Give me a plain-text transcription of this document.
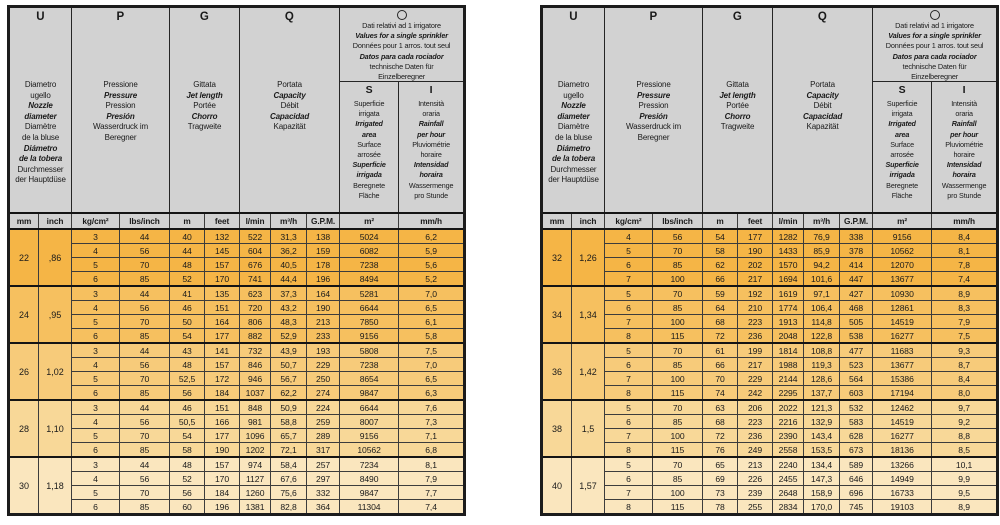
U
Diametro
ugello
Nozzle
diameter
Diamètre
de la bluse
Diámetro
de la tobera
Durchmesser
der Hauptdüse

P
Pressione
Pressure
Pression
Presión
Wasserdruck im
Beregner

G
Gittata
Jet length
Portée
Chorro
Tragweite

Q
Portata
Capacity
Débit
Capacidad
Kapazität

Dati relativi ad 1 irrigatore
Values for a single sprinkler
Données pour 1 arros. tout seul
Datos para cada rociador
technische Daten für
Einzelberegner
S
Superficie
irrigata
Irrigated
area
Surface
arrosée
Superficie
irrigada
Beregnete
Fläche
I
Intensità
oraria
Rainfall
per hour
Pluviométrie
horaire
Intensidad
horaira
Wassermenge
pro Stunde

mm	inch	kg/cm²	lbs/inch	m	feet	l/min	m³/h	G.P.M.	m²	mm/h
22	,86	3	44	40	132	522	31,3	138	5024	6,2
		4	56	44	145	604	36,2	159	6082	5,9
		5	70	48	157	676	40,5	178	7238	5,6
		6	85	52	170	741	44,4	196	8494	5,2
24	,95	3	44	41	135	623	37,3	164	5281	7,0
		4	56	46	151	720	43,2	190	6644	6,5
		5	70	50	164	806	48,3	213	7850	6,1
		6	85	54	177	882	52,9	233	9156	5,8
26	1,02	3	44	43	141	732	43,9	193	5808	7,5
		4	56	48	157	846	50,7	229	7238	7,0
		5	70	52,5	172	946	56,7	250	8654	6,5
		6	85	56	184	1037	62,2	274	9847	6,3
28	1,10	3	44	46	151	848	50,9	224	6644	7,6
		4	56	50,5	166	981	58,8	259	8007	7,3
		5	70	54	177	1096	65,7	289	9156	7,1
		6	85	58	190	1202	72,1	317	10562	6,8
30	1,18	3	44	48	157	974	58,4	257	7234	8,1
		4	56	52	170	1127	67,6	297	8490	7,9
		5	70	56	184	1260	75,6	332	9847	7,7
		6	85	60	196	1381	82,8	364	11304	7,4
U
Diametro
ugello
Nozzle
diameter
Diamètre
de la bluse
Diámetro
de la tobera
Durchmesser
der Hauptdüse

P
Pressione
Pressure
Pression
Presión
Wasserdruck im
Beregner

G
Gittata
Jet length
Portée
Chorro
Tragweite

Q
Portata
Capacity
Débit
Capacidad
Kapazität

Dati relativi ad 1 irrigatore
Values for a single sprinkler
Données pour 1 arros. tout seul
Datos para cada rociador
technische Daten für
Einzelberegner
S
Superficie
irrigata
Irrigated
area
Surface
arrosée
Superficie
irrigada
Beregnete
Fläche
I
Intensità
oraria
Rainfall
per hour
Pluviométrie
horaire
Intensidad
horaira
Wassermenge
pro Stunde

mm	inch	kg/cm²	lbs/inch	m	feet	l/min	m³/h	G.P.M.	m²	mm/h
32	1,26	4	56	54	177	1282	76,9	338	9156	8,4
		5	70	58	190	1433	85,9	378	10562	8,1
		6	85	62	202	1570	94,2	414	12070	7,8
		7	100	66	217	1694	101,6	447	13677	7,4
34	1,34	5	70	59	192	1619	97,1	427	10930	8,9
		6	85	64	210	1774	106,4	468	12861	8,3
		7	100	68	223	1913	114,8	505	14519	7,9
		8	115	72	236	2048	122,8	538	16277	7,5
36	1,42	5	70	61	199	1814	108,8	477	11683	9,3
		6	85	66	217	1988	119,3	523	13677	8,7
		7	100	70	229	2144	128,6	564	15386	8,4
		8	115	74	242	2295	137,7	603	17194	8,0
38	1,5	5	70	63	206	2022	121,3	532	12462	9,7
		6	85	68	223	2216	132,9	583	14519	9,2
		7	100	72	236	2390	143,4	628	16277	8,8
		8	115	76	249	2558	153,5	673	18136	8,5
40	1,57	5	70	65	213	2240	134,4	589	13266	10,1
		6	85	69	226	2455	147,3	646	14949	9,9
		7	100	73	239	2648	158,9	696	16733	9,5
		8	115	78	255	2834	170,0	745	19103	8,9
